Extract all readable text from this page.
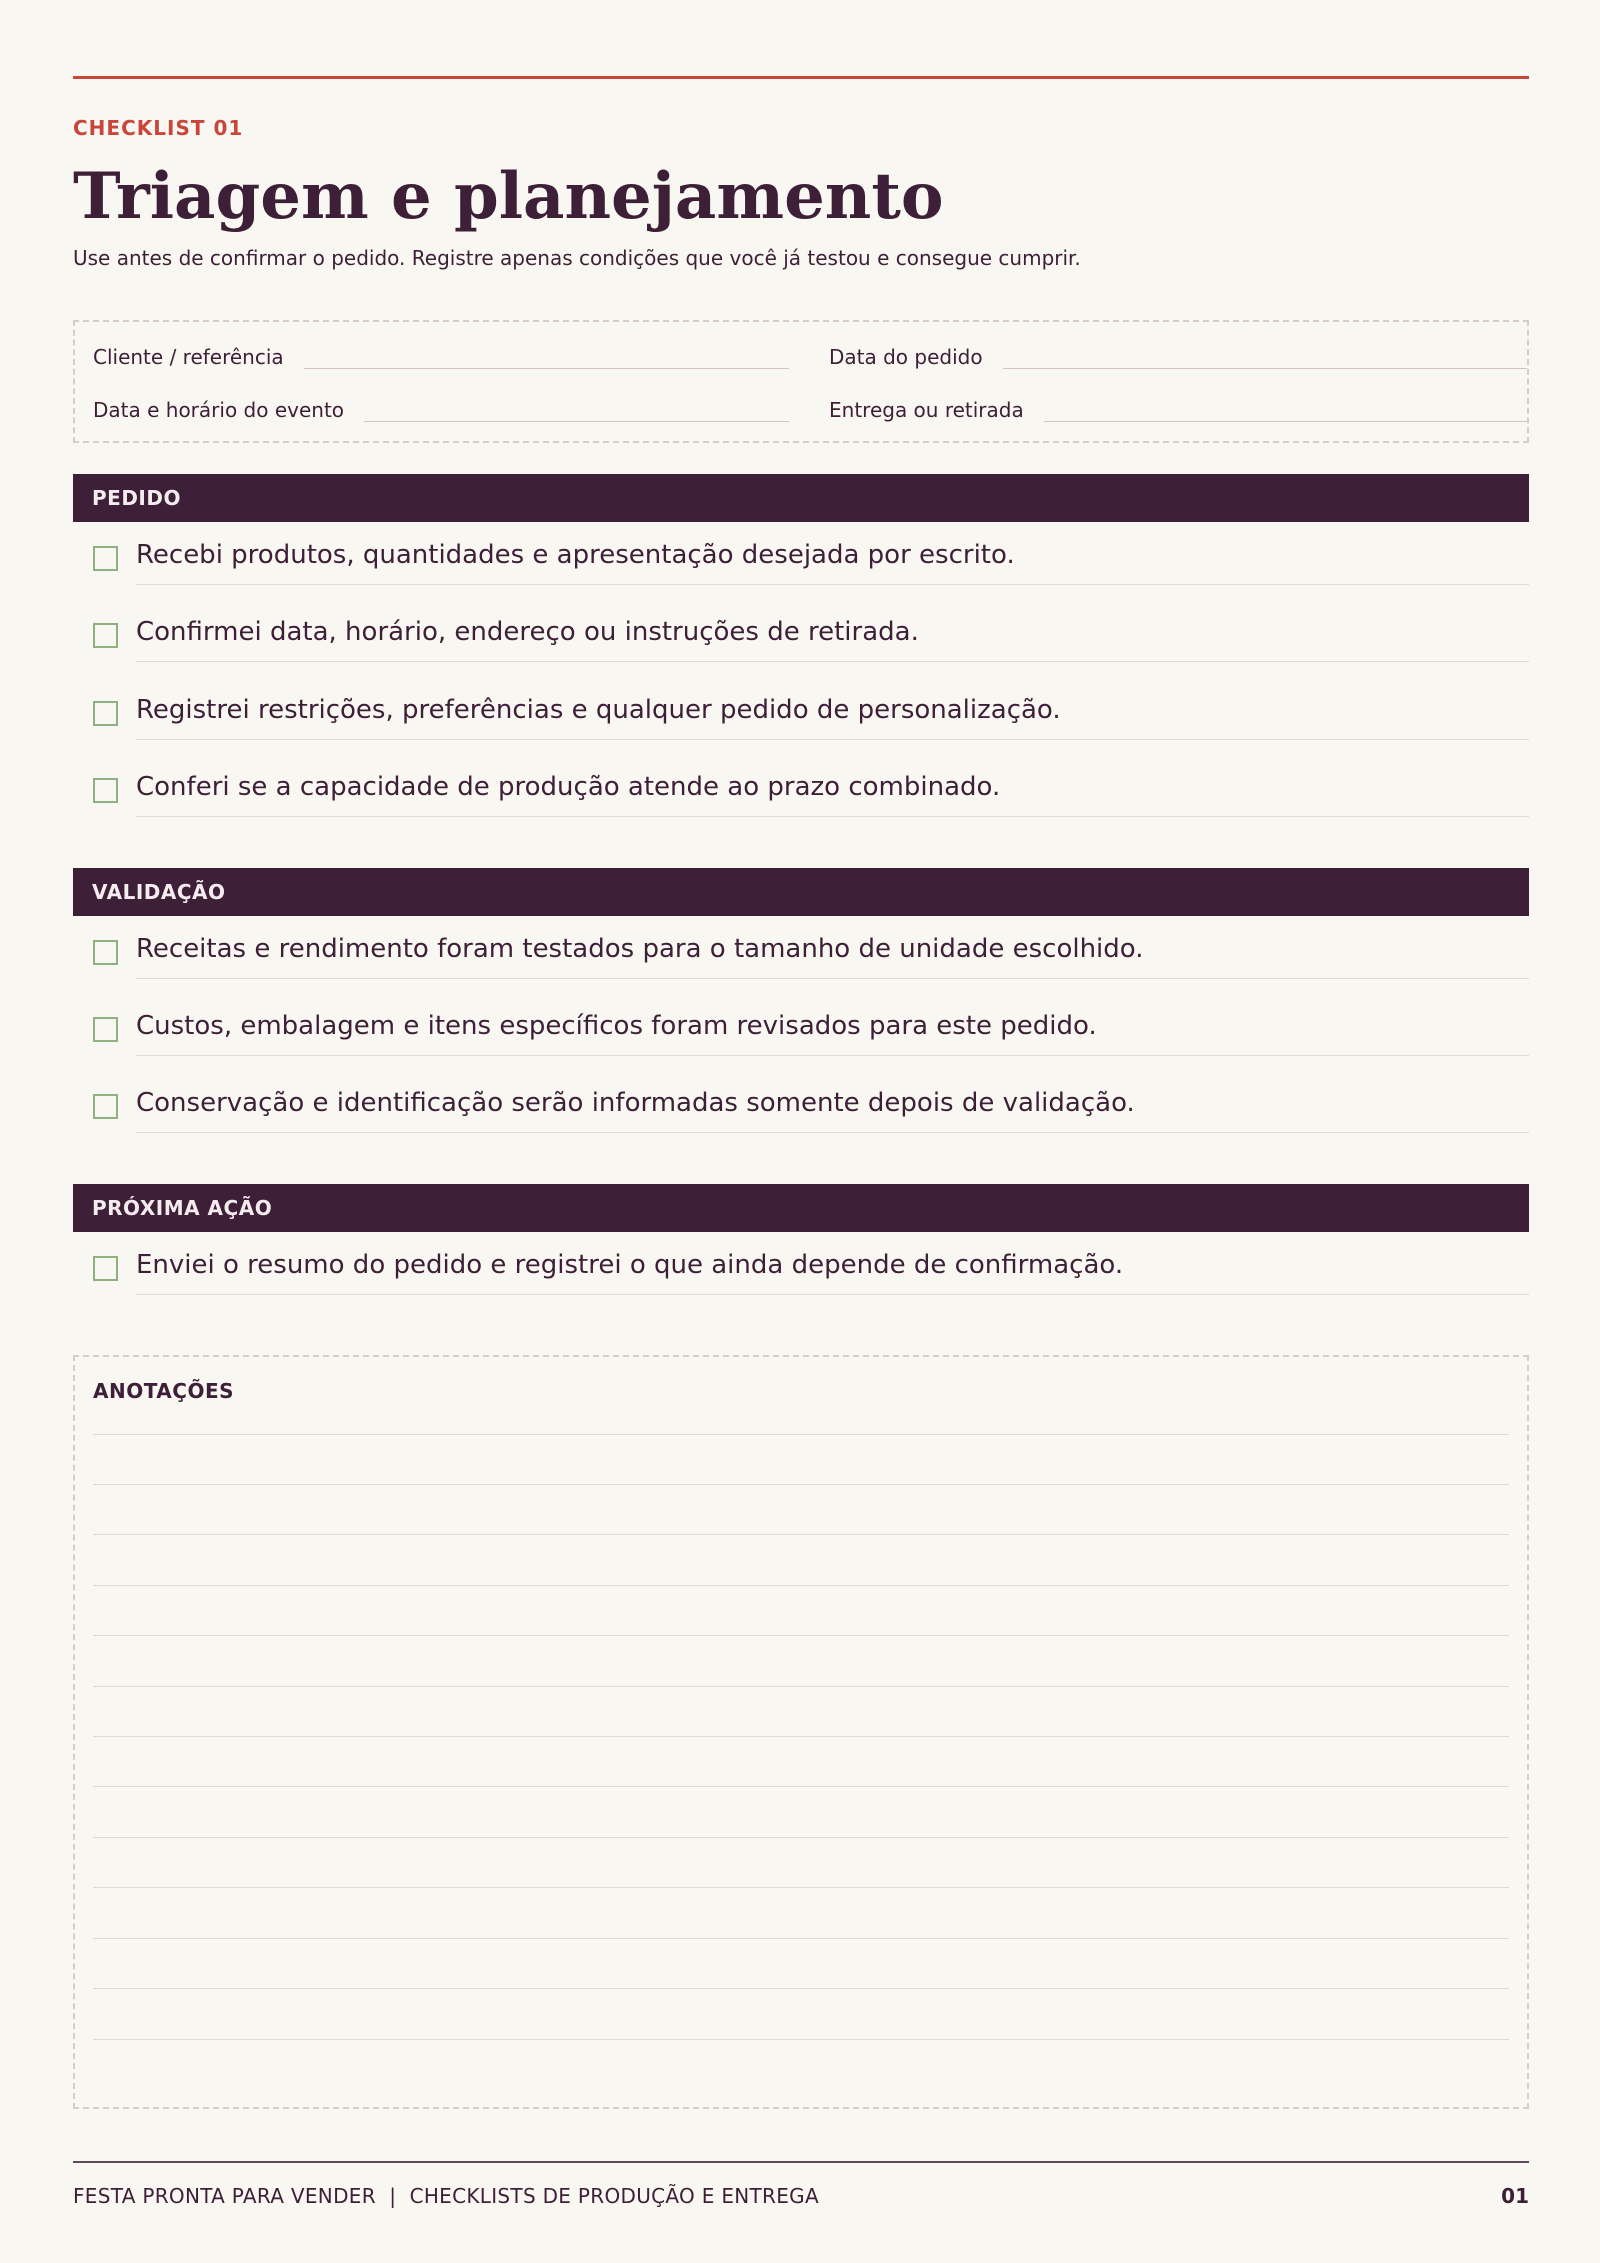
CHECKLIST 01
Triagem e planejamento
Use antes de confirmar o pedido. Registre apenas condições que você já testou e consegue cumprir.
Cliente / referência	Data do pedido
Data e horário do evento	Entrega ou retirada
PEDIDO
Recebi produtos, quantidades e apresentação desejada por escrito.
Confirmei data, horário, endereço ou instruções de retirada.
Registrei restrições, preferências e qualquer pedido de personalização.
Conferi se a capacidade de produção atende ao prazo combinado.
VALIDAÇÃO
Receitas e rendimento foram testados para o tamanho de unidade escolhido.
Custos, embalagem e itens específicos foram revisados para este pedido.
Conservação e identificação serão informadas somente depois de validação.
PRÓXIMA AÇÃO
Enviei o resumo do pedido e registrei o que ainda depende de confirmação.
ANOTAÇÕES
FESTA PRONTA PARA VENDER  |  CHECKLISTS DE PRODUÇÃO E ENTREGA	01
